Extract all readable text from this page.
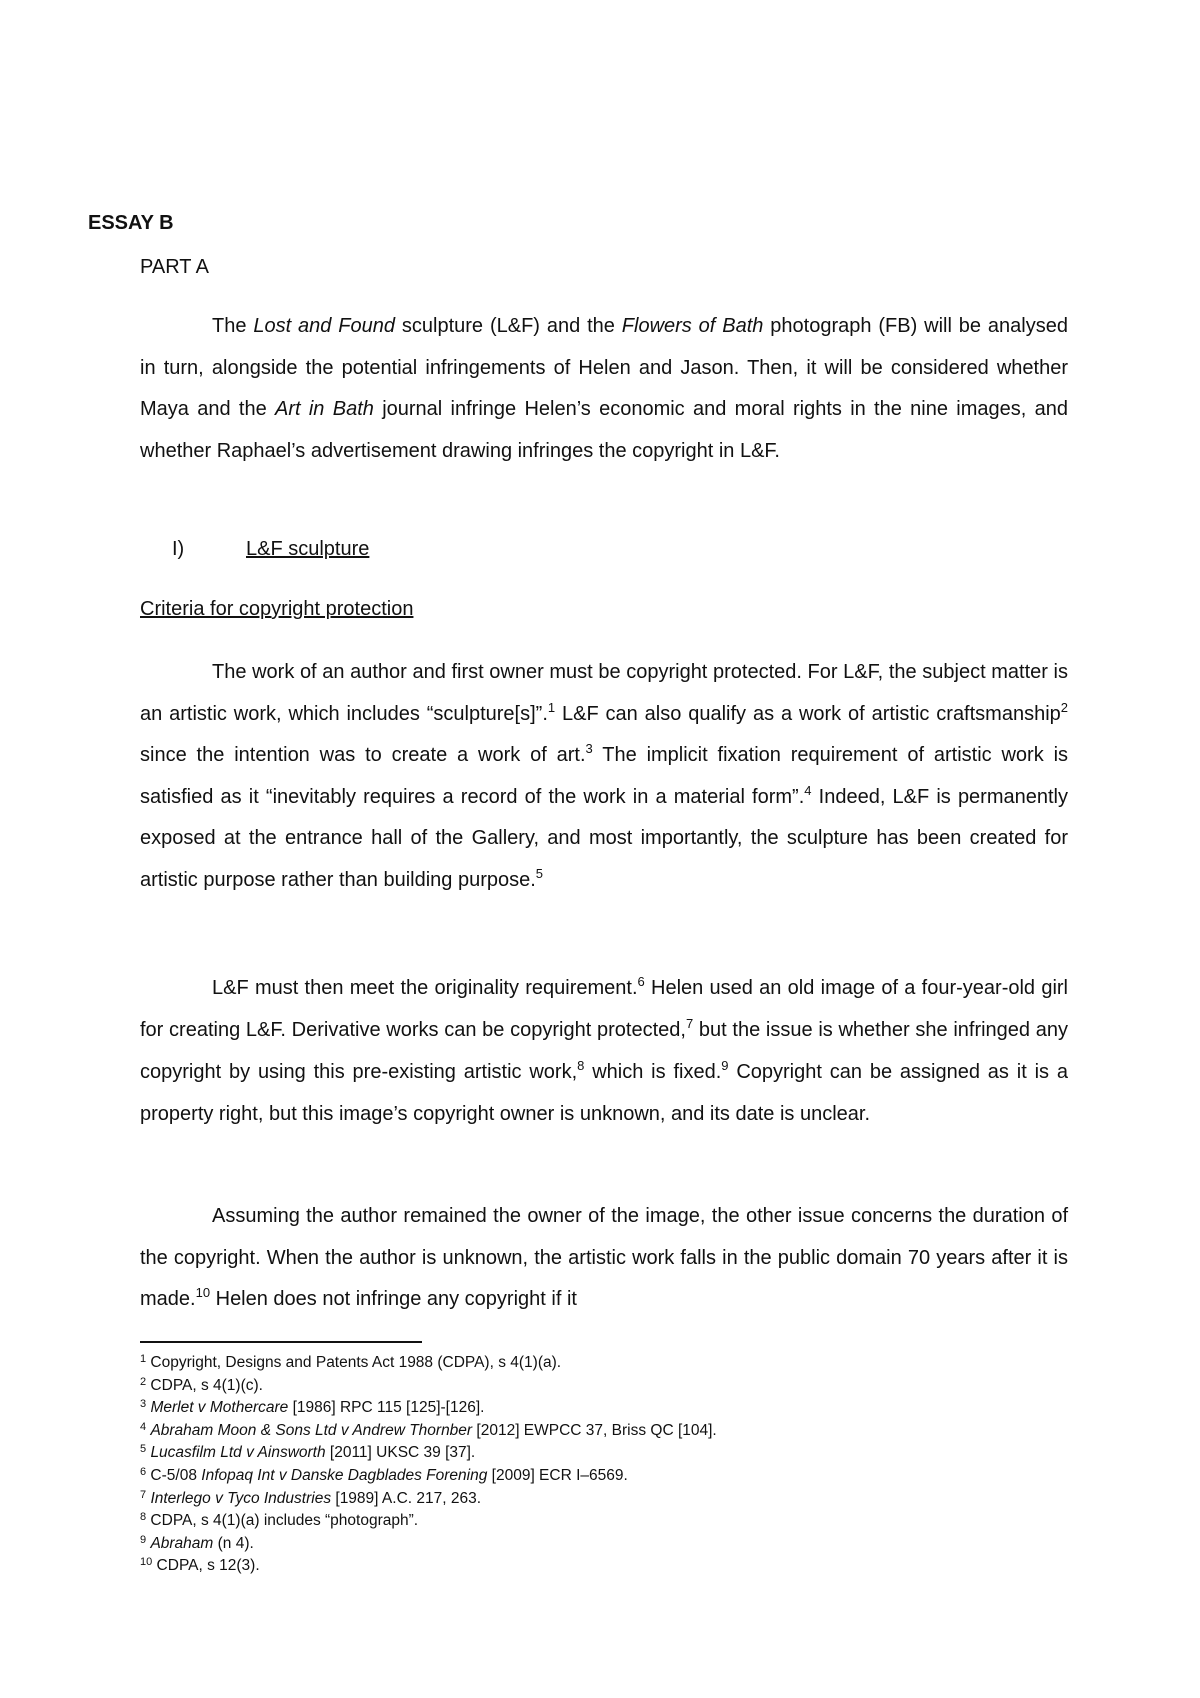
ESSAY B

PART A

The Lost and Found sculpture (L&F) and the Flowers of Bath photograph (FB) will be analysed in turn, alongside the potential infringements of Helen and Jason. Then, it will be considered whether Maya and the Art in Bath journal infringe Helen’s economic and moral rights in the nine images, and whether Raphael’s advertisement drawing infringes the copyright in L&F.

I)	L&F sculpture

Criteria for copyright protection

The work of an author and first owner must be copyright protected. For L&F, the subject matter is an artistic work, which includes “sculpture[s]”.$^1$ L&F can also qualify as a work of artistic craftsmanship$^2$ since the intention was to create a work of art.$^3$ The implicit fixation requirement of artistic work is satisfied as it “inevitably requires a record of the work in a material form”.$^4$ Indeed, L&F is permanently exposed at the entrance hall of the Gallery, and most importantly, the sculpture has been created for artistic purpose rather than building purpose.$^5$

L&F must then meet the originality requirement.$^6$ Helen used an old image of a four-year-old girl for creating L&F. Derivative works can be copyright protected,$^7$ but the issue is whether she infringed any copyright by using this pre-existing artistic work,$^8$ which is fixed.$^9$ Copyright can be assigned as it is a property right, but this image’s copyright owner is unknown, and its date is unclear.

Assuming the author remained the owner of the image, the other issue concerns the duration of the copyright. When the author is unknown, the artistic work falls in the public domain 70 years after it is made.$^{10}$ Helen does not infringe any copyright if it

$^1$ Copyright, Designs and Patents Act 1988 (CDPA), s 4(1)(a).

$^2$ CDPA, s 4(1)(c).

$^3$ Merlet v Mothercare [1986] RPC 115 [125]-[126].

$^4$ Abraham Moon & Sons Ltd v Andrew Thornber [2012] EWPCC 37, Briss QC [104].

$^5$ Lucasfilm Ltd v Ainsworth [2011] UKSC 39 [37].

$^6$ C-5/08 Infopaq Int v Danske Dagblades Forening [2009] ECR I–6569.

$^7$ Interlego v Tyco Industries [1989] A.C. 217, 263.

$^8$ CDPA, s 4(1)(a) includes “photograph”.

$^9$ Abraham (n 4).

$^{10}$ CDPA, s 12(3).
